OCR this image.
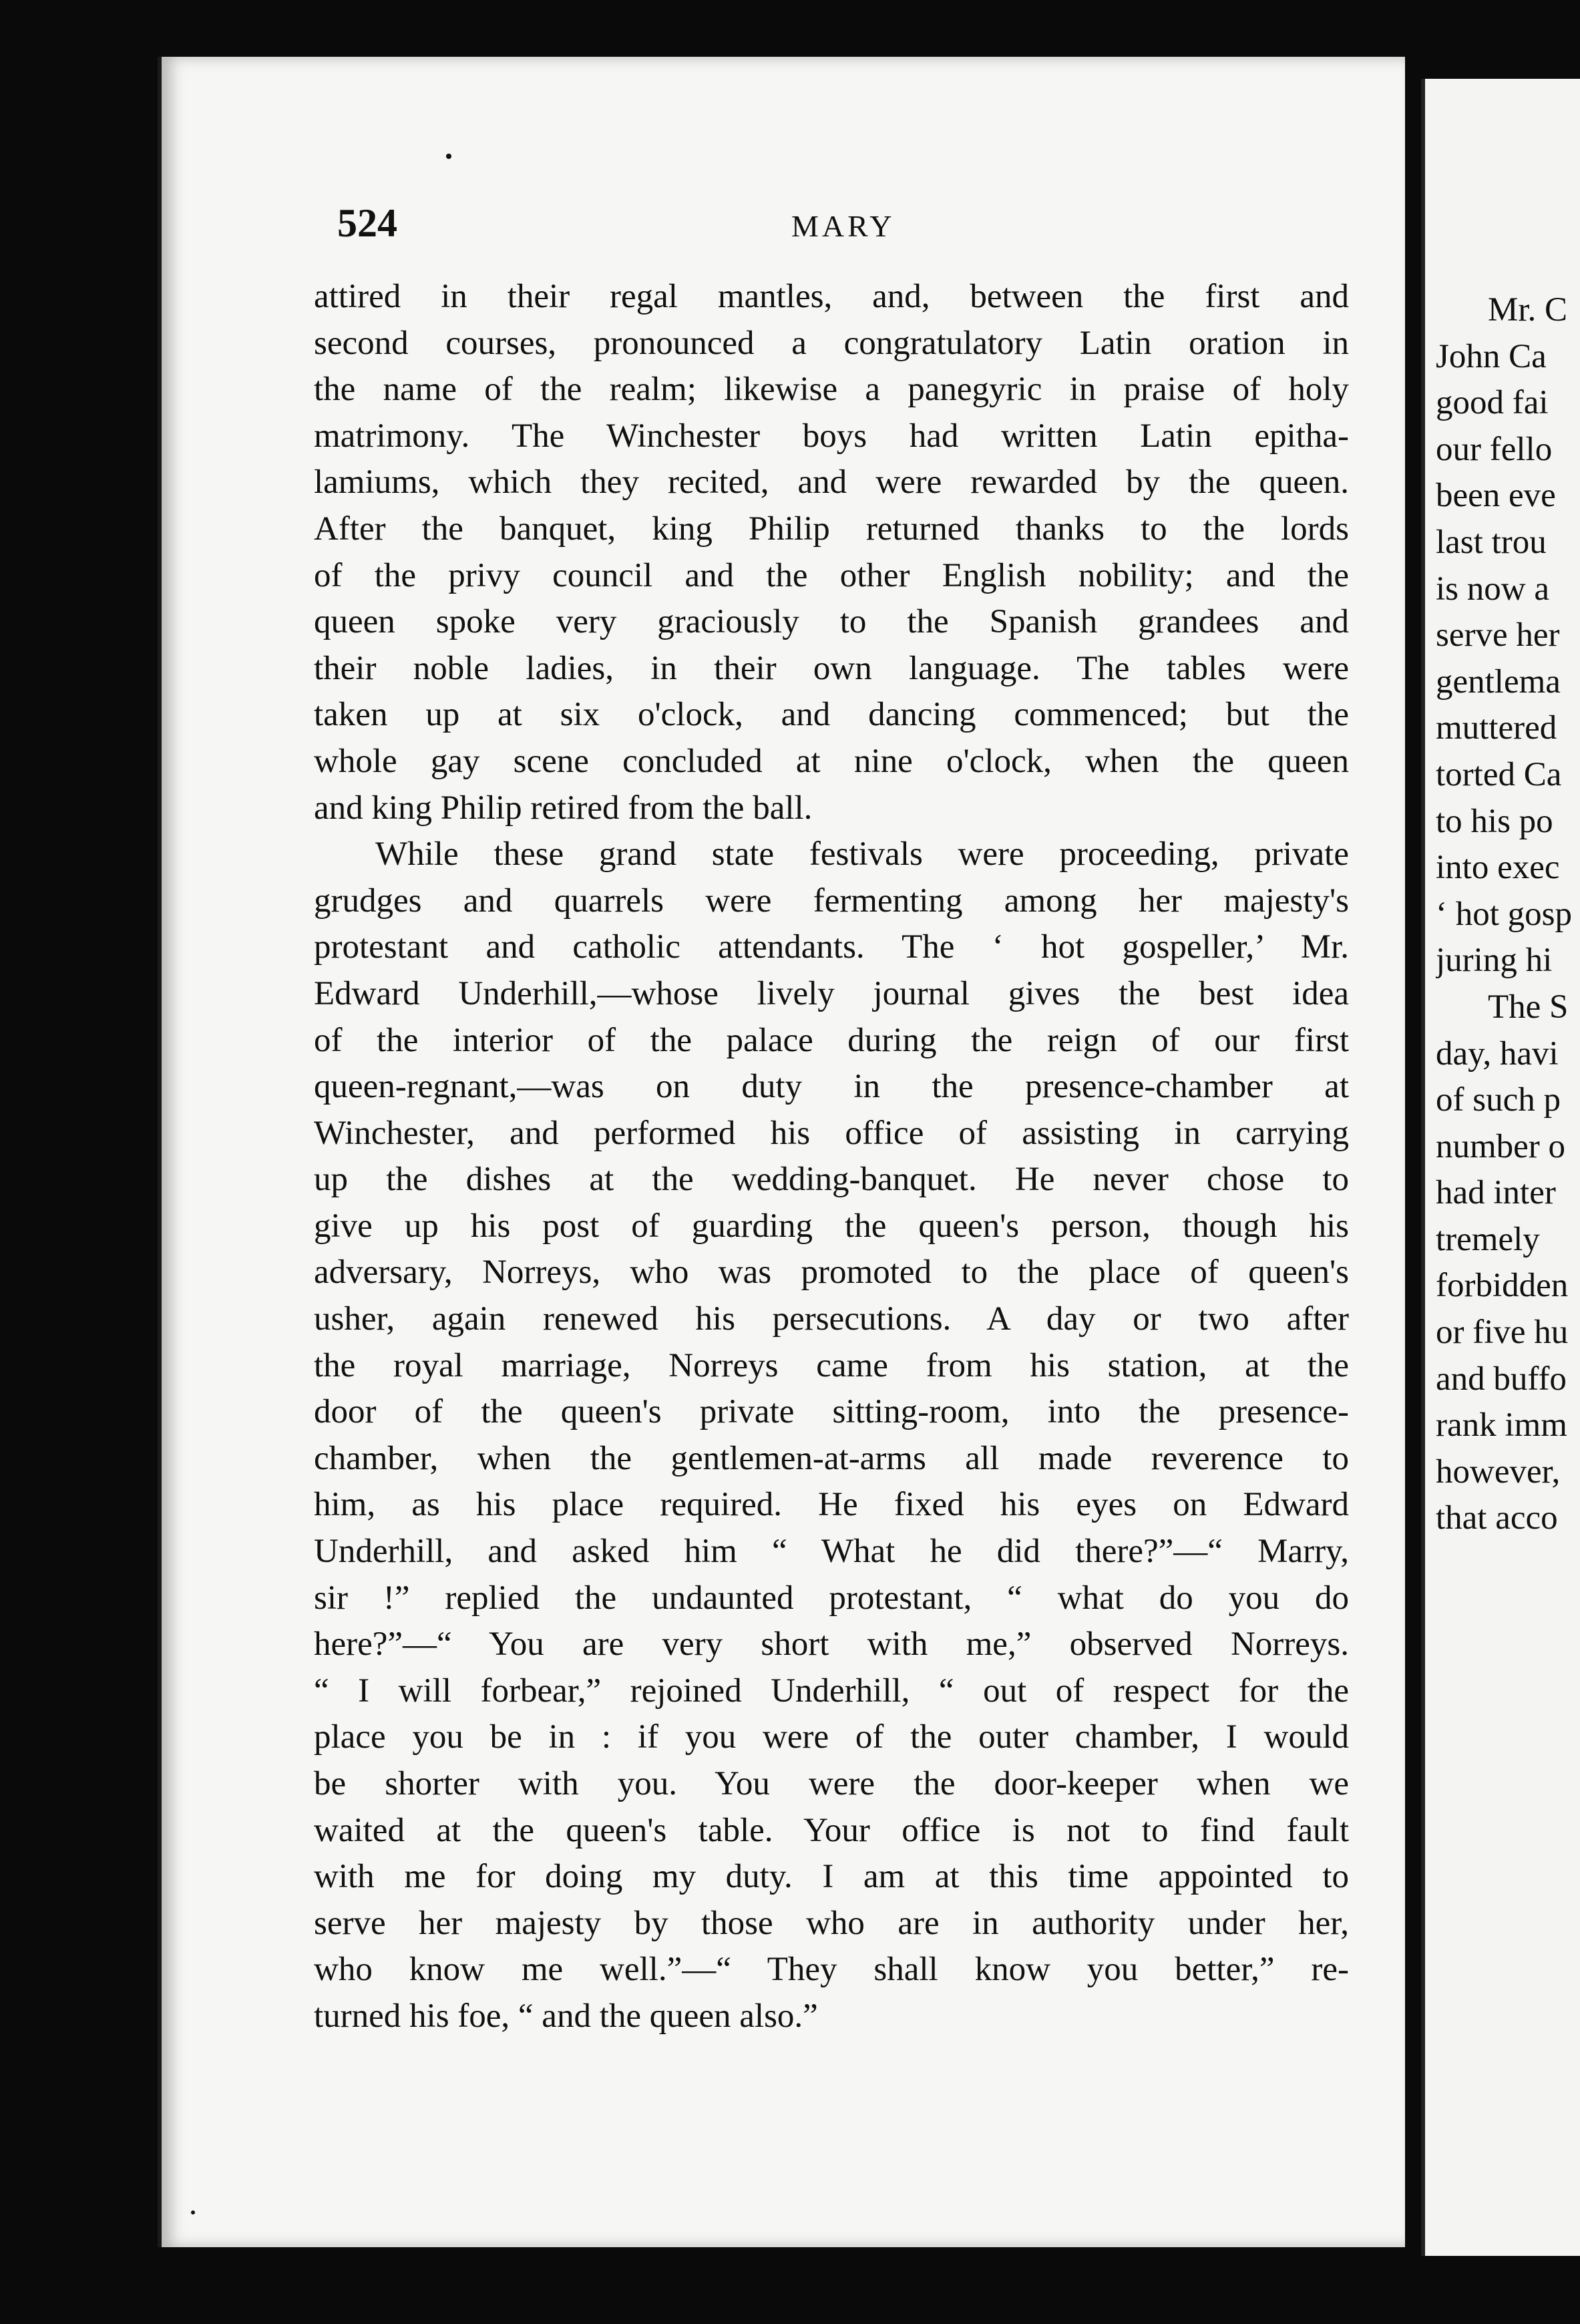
524	MARY
attired in their regal mantles, and, between the first and
second courses, pronounced a congratulatory Latin oration in
the name of the realm; likewise a panegyric in praise of holy
matrimony. The Winchester boys had written Latin epitha-
lamiums, which they recited, and were rewarded by the queen.
After the banquet, king Philip returned thanks to the lords
of the privy council and the other English nobility; and the
queen spoke very graciously to the Spanish grandees and
their noble ladies, in their own language. The tables were
taken up at six o'clock, and dancing commenced; but the
whole gay scene concluded at nine o'clock, when the queen
and king Philip retired from the ball.
While these grand state festivals were proceeding, private
grudges and quarrels were fermenting among her majesty's
protestant and catholic attendants. The ‘ hot gospeller,’ Mr.
Edward Underhill,—whose lively journal gives the best idea
of the interior of the palace during the reign of our first
queen-regnant,—was on duty in the presence-chamber at
Winchester, and performed his office of assisting in carrying
up the dishes at the wedding-banquet. He never chose to
give up his post of guarding the queen's person, though his
adversary, Norreys, who was promoted to the place of queen's
usher, again renewed his persecutions. A day or two after
the royal marriage, Norreys came from his station, at the
door of the queen's private sitting-room, into the presence-
chamber, when the gentlemen-at-arms all made reverence to
him, as his place required. He fixed his eyes on Edward
Underhill, and asked him “ What he did there?”—“ Marry,
sir !” replied the undaunted protestant, “ what do you do
here?”—“ You are very short with me,” observed Norreys.
“ I will forbear,” rejoined Underhill, “ out of respect for the
place you be in : if you were of the outer chamber, I would
be shorter with you. You were the door-keeper when we
waited at the queen's table. Your office is not to find fault
with me for doing my duty. I am at this time appointed to
serve her majesty by those who are in authority under her,
who know me well.”—“ They shall know you better,” re-
turned his foe, “ and the queen also.”
Mr. C
John Ca
good fai
our fello
been eve
last trou
is now a
serve her
gentlema
muttered
torted Ca
to his po
into exec
‘ hot gosp
juring hi
The S
day, havi
of such p
number o
had inter
tremely
forbidden
or five hu
and buffo
rank imm
however,
that acco
